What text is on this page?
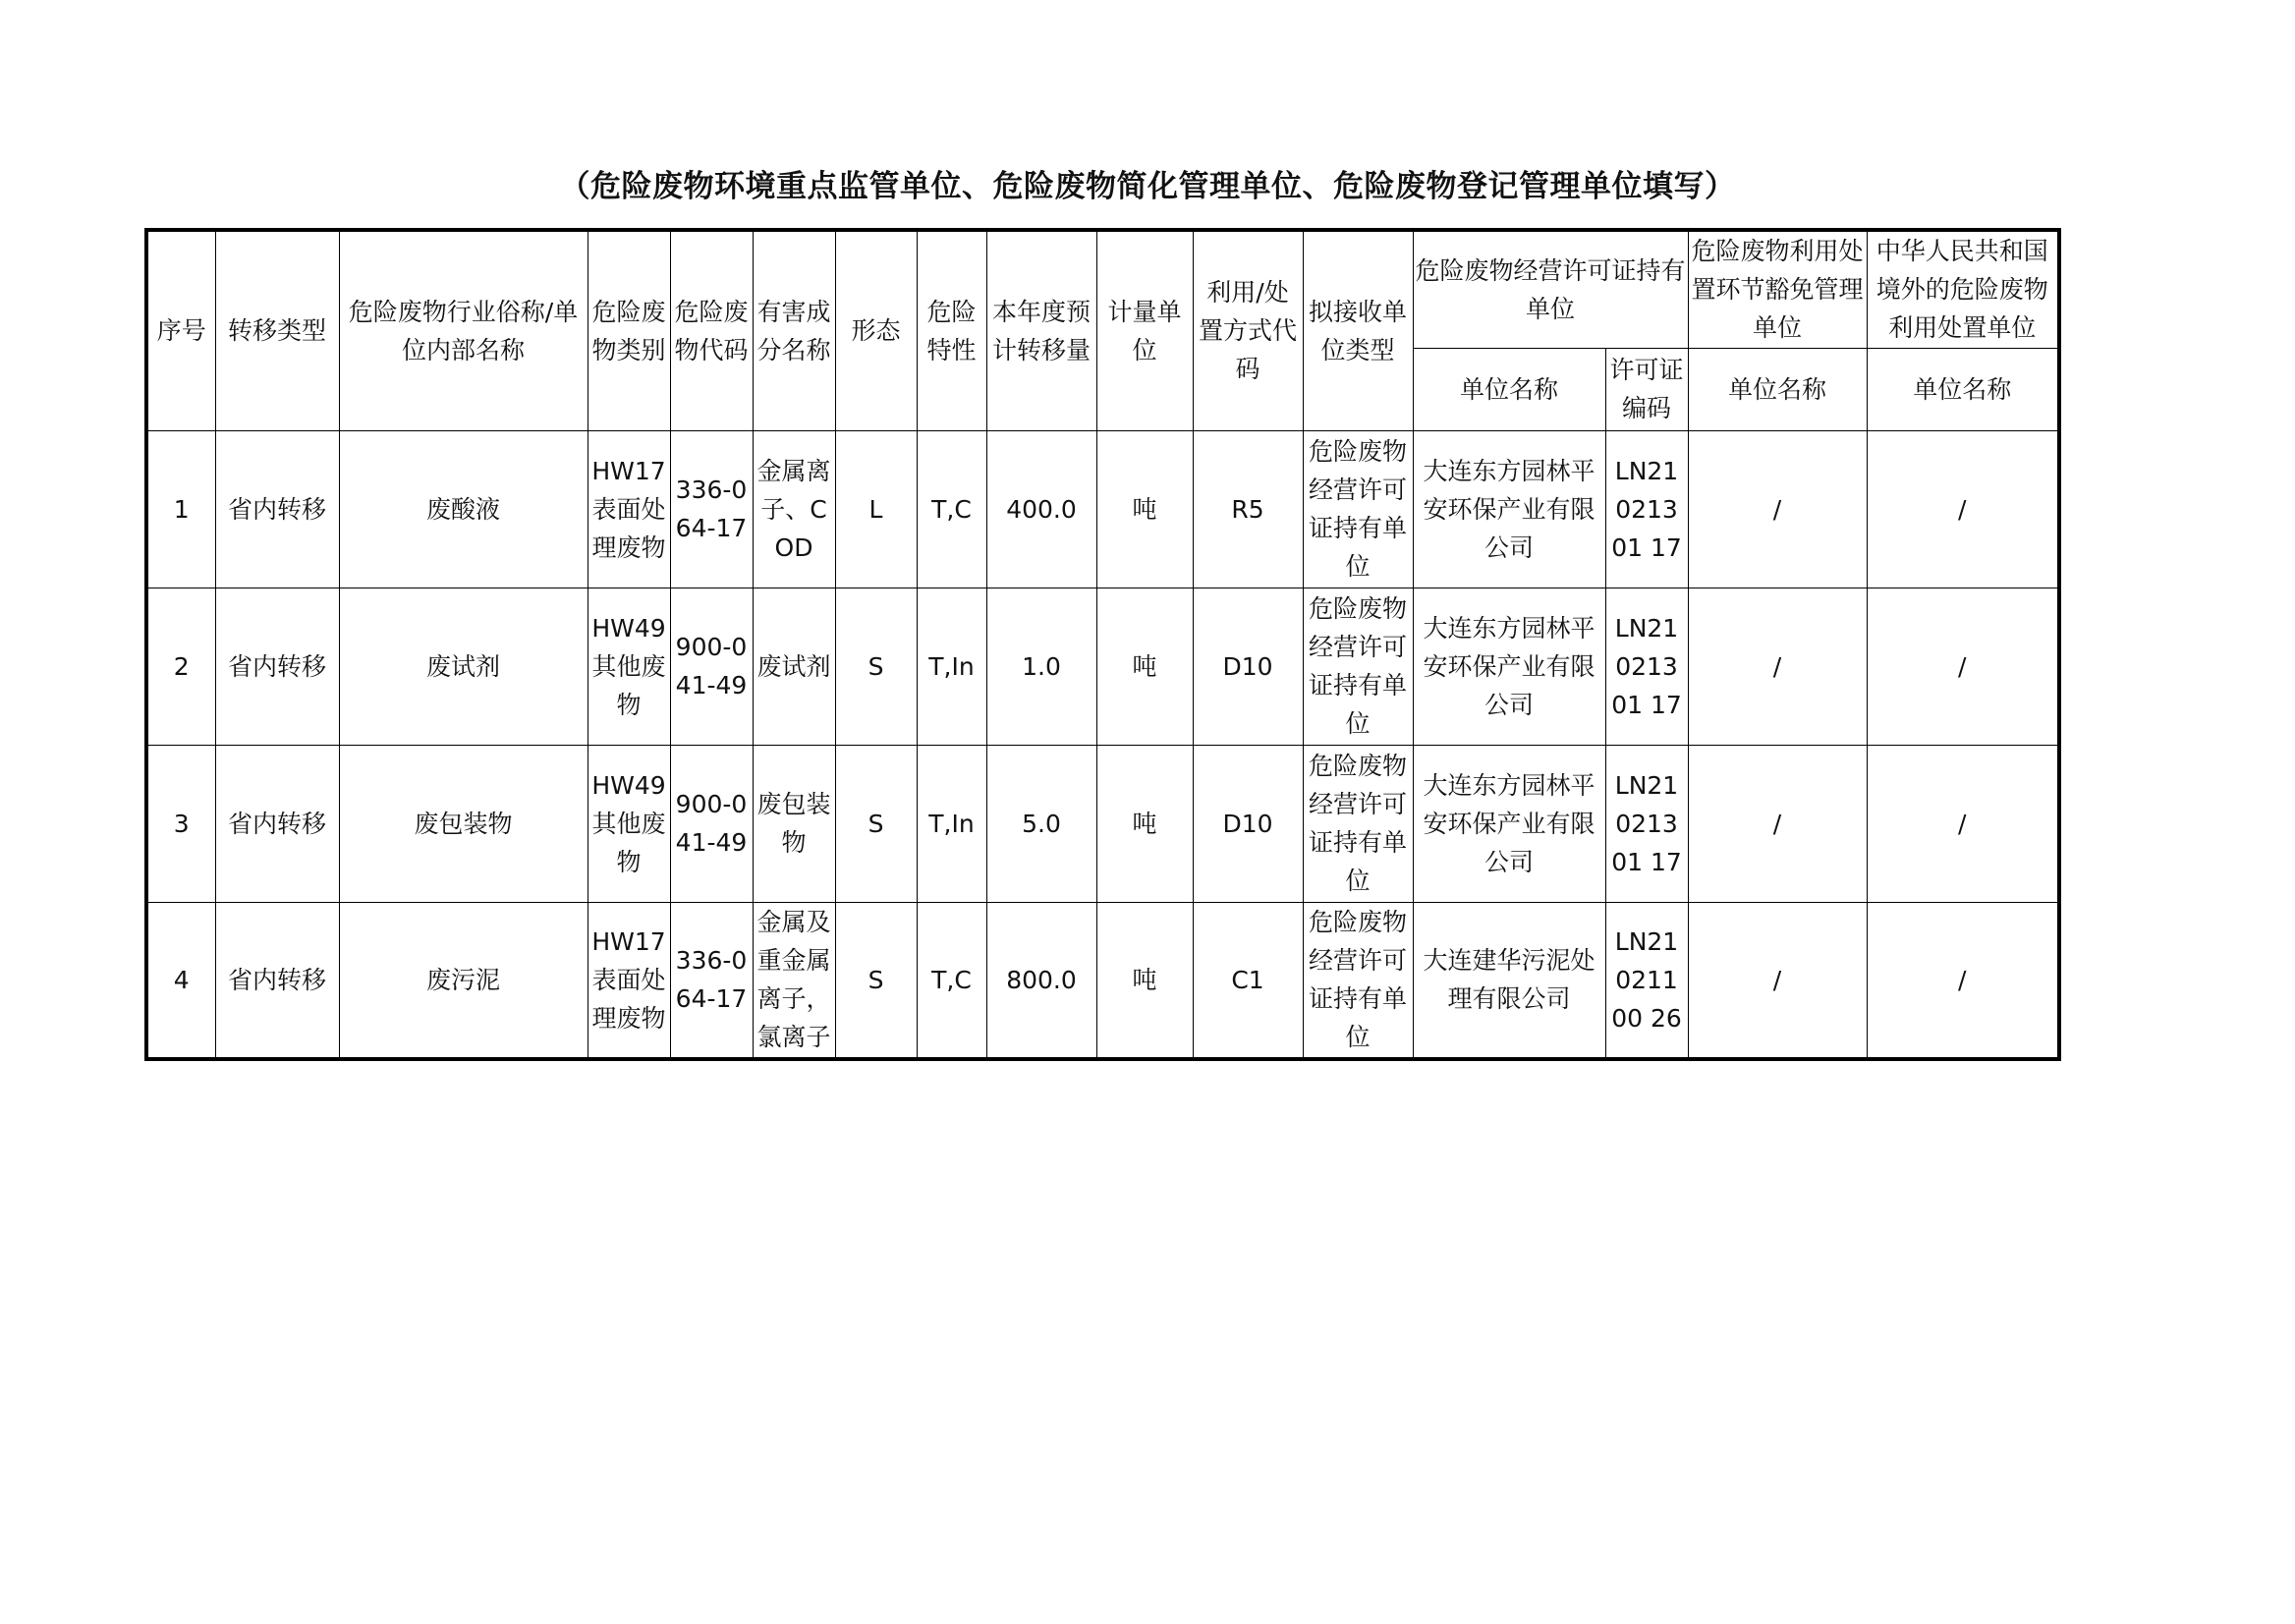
（危险废物环境重点监管单位、危险废物简化管理单位、危险废物登记管理单位填写）
序号	转移类型	危险废物行业俗称/单位内部名称	危险废物类别	危险废物代码	有害成分名称	形态	危险特性	本年度预计转移量	计量单位	利用/处置方式代码	拟接收单位类型	危险废物经营许可证持有单位		危险废物利用处置环节豁免管理单位	中华人民共和国境外的危险废物利用处置单位
												单位名称	许可证编码	单位名称	单位名称
1	省内转移	废酸液	HW17表面处理废物	336-064-17	金属离子、COD	L	T,C	400.0	吨	R5	危险废物经营许可证持有单位	大连东方园林平安环保产业有限公司	LN21021301 17	/	/
2	省内转移	废试剂	HW49其他废物	900-041-49	废试剂	S	T,In	1.0	吨	D10	危险废物经营许可证持有单位	大连东方园林平安环保产业有限公司	LN21021301 17	/	/
3	省内转移	废包装物	HW49其他废物	900-041-49	废包装物	S	T,In	5.0	吨	D10	危险废物经营许可证持有单位	大连东方园林平安环保产业有限公司	LN21021301 17	/	/
4	省内转移	废污泥	HW17表面处理废物	336-064-17	金属及重金属离子，氯离子	S	T,C	800.0	吨	C1	危险废物经营许可证持有单位	大连建华污泥处理有限公司	LN21021100 26	/	/
